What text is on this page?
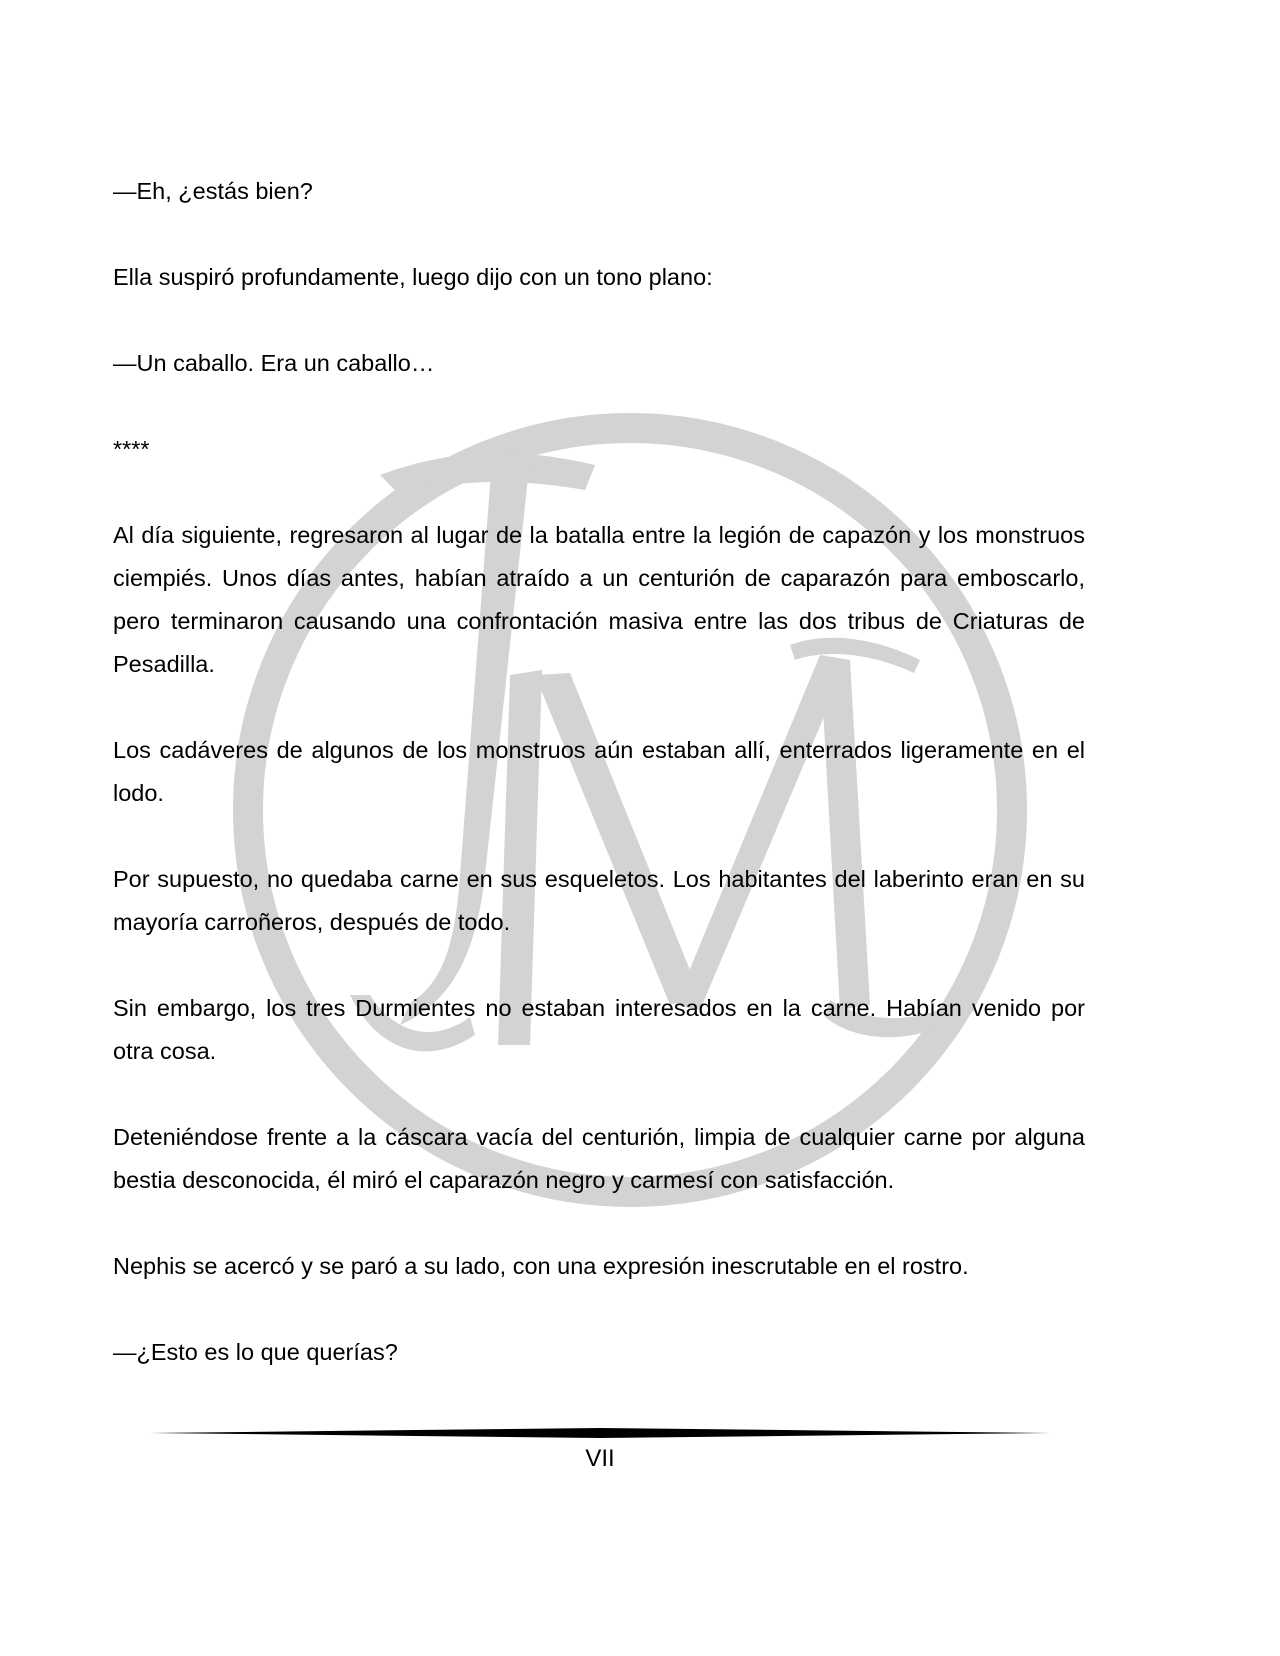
—Eh, ¿estás bien?

Ella suspiró profundamente, luego dijo con un tono plano:

—Un caballo. Era un caballo…

****

Al día siguiente, regresaron al lugar de la batalla entre la legión de capazón y los monstruos ciempiés. Unos días antes, habían atraído a un centurión de caparazón para emboscarlo, pero terminaron causando una confrontación masiva entre las dos tribus de Criaturas de Pesadilla.

Los cadáveres de algunos de los monstruos aún estaban allí, enterrados ligeramente en el lodo.

Por supuesto, no quedaba carne en sus esqueletos. Los habitantes del laberinto eran en su mayoría carroñeros, después de todo.

Sin embargo, los tres Durmientes no estaban interesados en la carne. Habían venido por otra cosa.

Deteniéndose frente a la cáscara vacía del centurión, limpia de cualquier carne por alguna bestia desconocida, él miró el caparazón negro y carmesí con satisfacción.

Nephis se acercó y se paró a su lado, con una expresión inescrutable en el rostro.

—¿Esto es lo que querías?

VII
